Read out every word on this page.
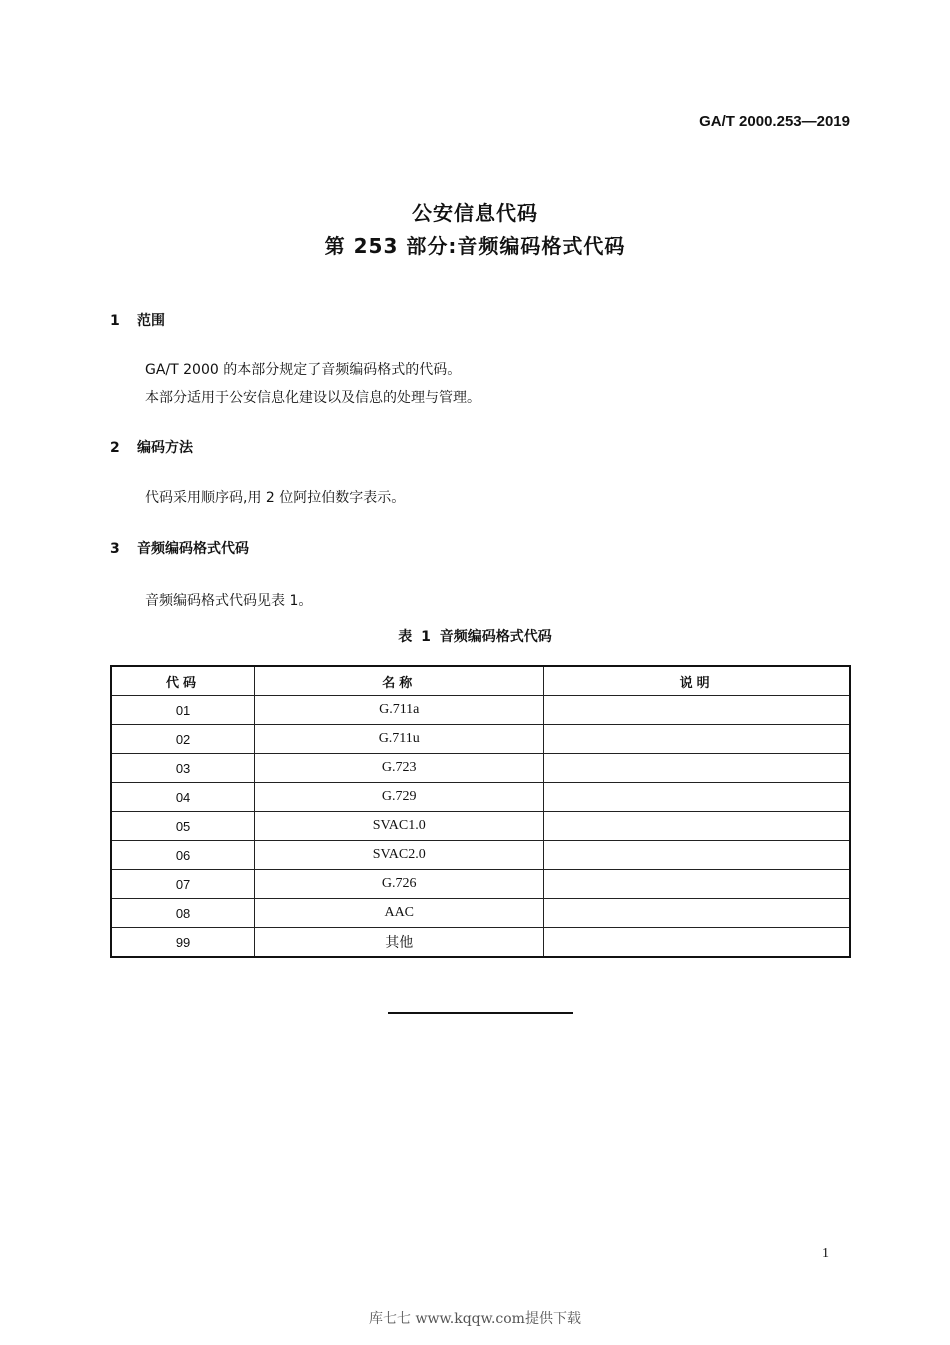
GA/T 2000.253—2019
公安信息代码
第 253 部分:音频编码格式代码
1 范围
GA/T 2000 的本部分规定了音频编码格式的代码。
本部分适用于公安信息化建设以及信息的处理与管理。
2 编码方法
代码采用顺序码,用 2 位阿拉伯数字表示。
3 音频编码格式代码
音频编码格式代码见表 1。
表 1 音频编码格式代码
代码	名称	说明
01	G.711a	
02	G.711u	
03	G.723	
04	G.729	
05	SVAC1.0	
06	SVAC2.0	
07	G.726	
08	AAC	
99	其他	
1
库七七 www.kqqw.com提供下载
